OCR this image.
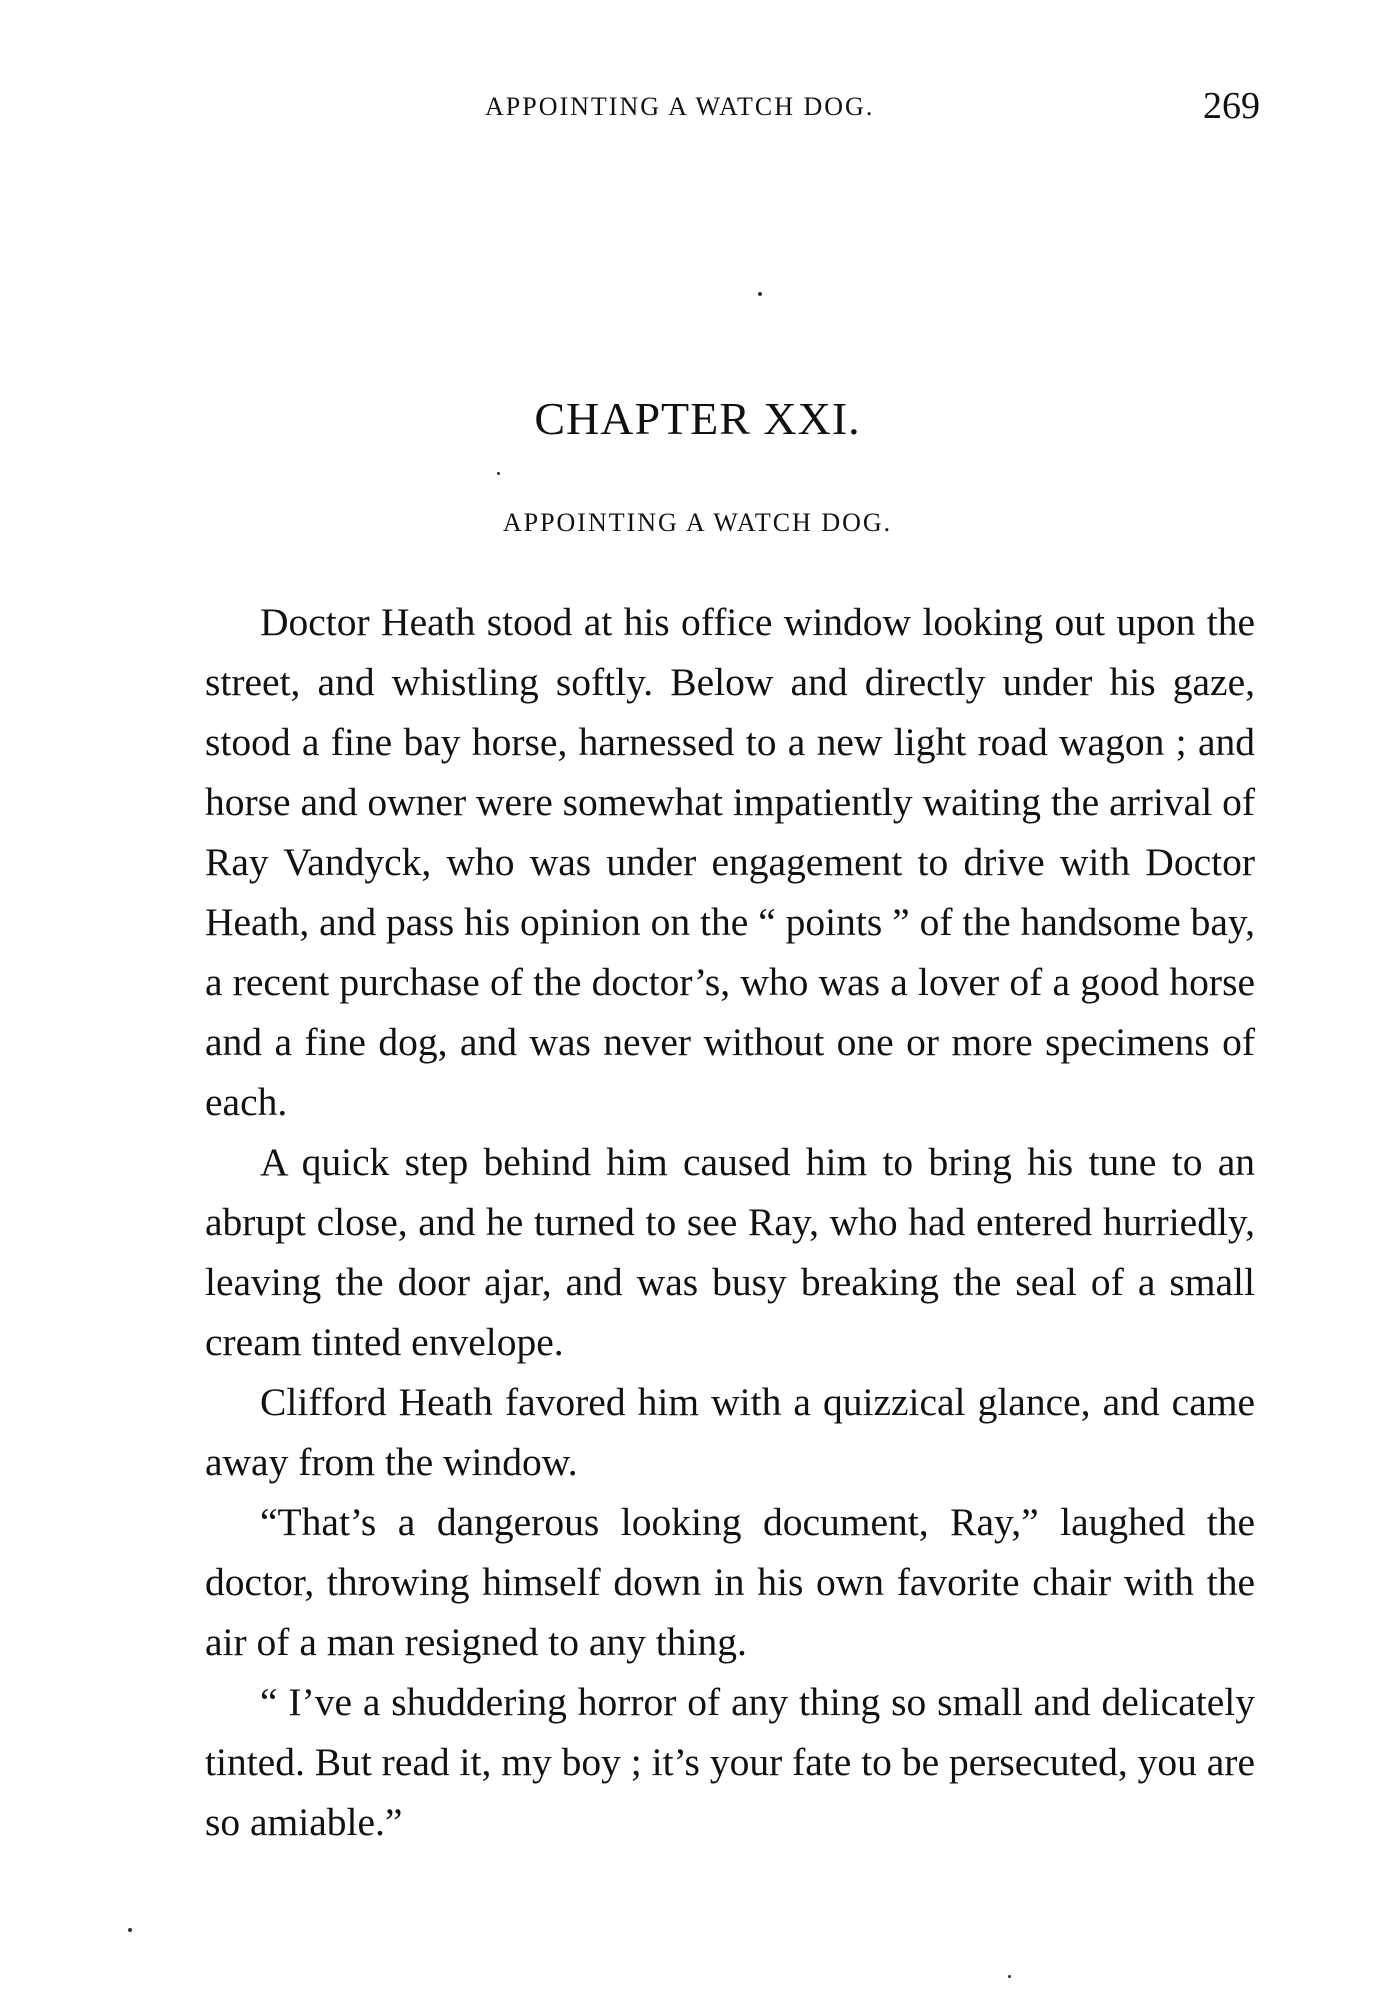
APPOINTING A WATCH DOG.	269
CHAPTER XXI.
APPOINTING A WATCH DOG.

Doctor Heath stood at his office window looking out upon the street, and whistling softly. Below and directly under his gaze, stood a fine bay horse, harnessed to a new light road wagon ; and horse and owner were somewhat impatiently waiting the arrival of Ray Vandyck, who was under engagement to drive with Doctor Heath, and pass his opinion on the “ points ” of the handsome bay, a recent purchase of the doctor’s, who was a lover of a good horse and a fine dog, and was never without one or more specimens of each.

A quick step behind him caused him to bring his tune to an abrupt close, and he turned to see Ray, who had entered hurriedly, leaving the door ajar, and was busy breaking the seal of a small cream tinted envelope.

Clifford Heath favored him with a quizzical glance, and came away from the window.

“That’s a dangerous looking document, Ray,” laughed the doctor, throwing himself down in his own favorite chair with the air of a man resigned to any thing.

“ I’ve a shuddering horror of any thing so small and delicately tinted. But read it, my boy ; it’s your fate to be persecuted, you are so amiable.”
